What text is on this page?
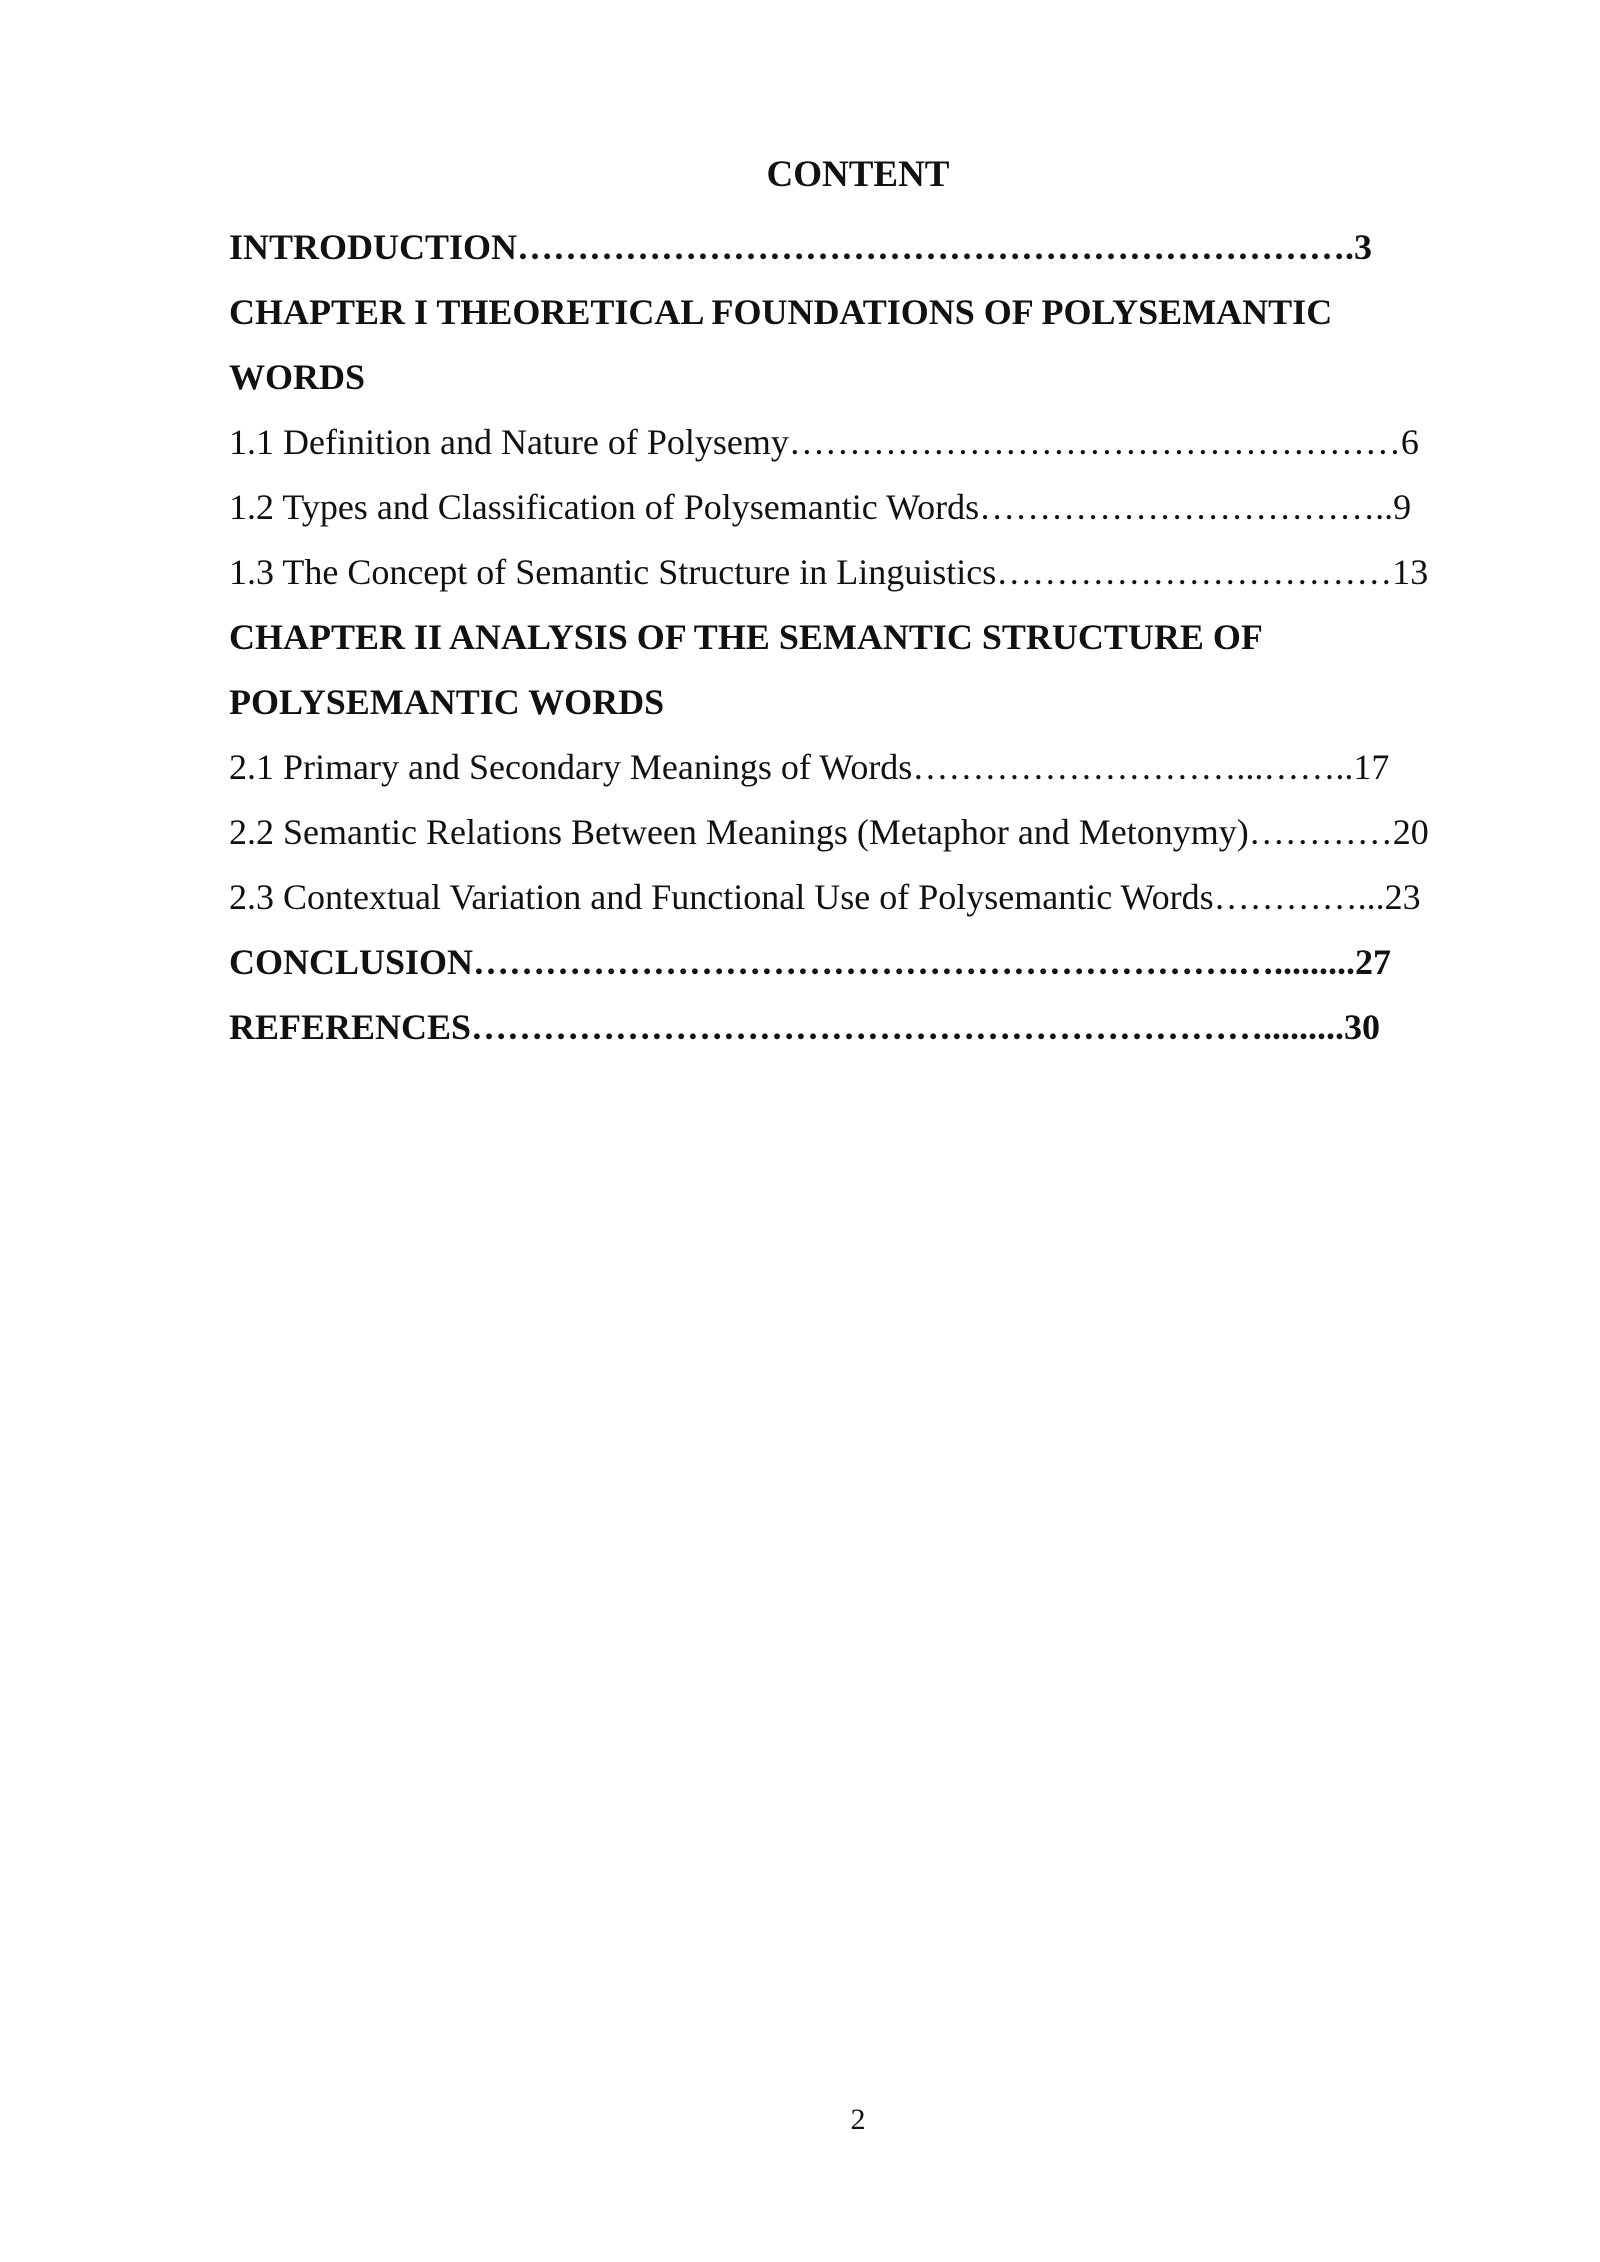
CONTENT
INTRODUCTION…………………………………………………………….3
CHAPTER I THEORETICAL FOUNDATIONS OF POLYSEMANTIC
WORDS
1.1 Definition and Nature of Polysemy……………………………………………6
1.2 Types and Classification of Polysemantic Words……………………………..9
1.3 The Concept of Semantic Structure in Linguistics……………………………13
CHAPTER II ANALYSIS OF THE SEMANTIC STRUCTURE OF
POLYSEMANTIC WORDS
2.1 Primary and Secondary Meanings of Words………………………...……..17
2.2 Semantic Relations Between Meanings (Metaphor and Metonymy)…………20
2.3 Contextual Variation and Functional Use of Polysemantic Words…………...23
CONCLUSION……………………………………………………….….........27
REFERENCES………………………………………………………….........30
2
